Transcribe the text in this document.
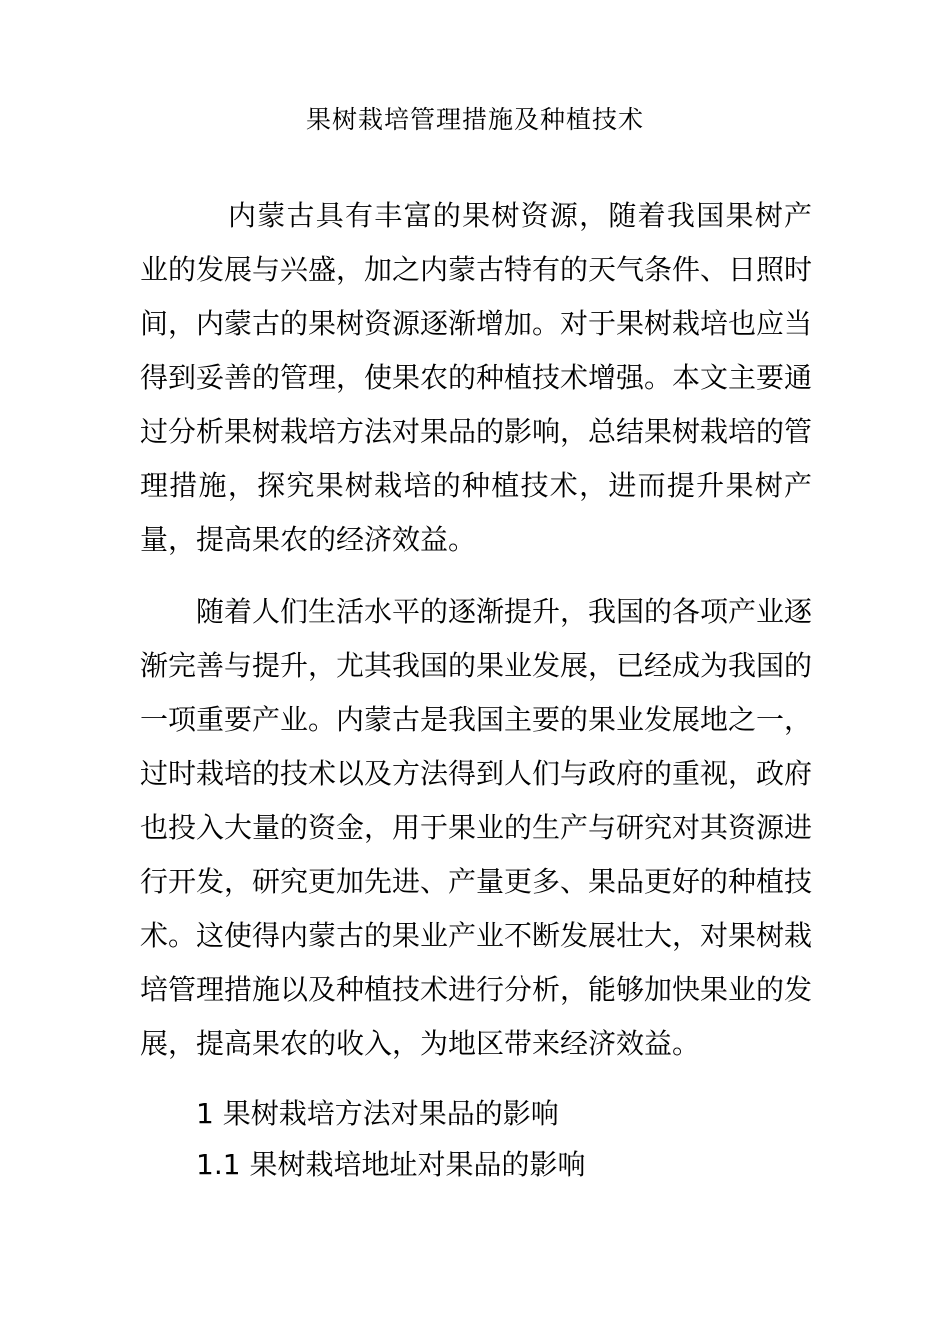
果树栽培管理措施及种植技术

内蒙古具有丰富的果树资源，随着我国果树产业的发展与兴盛，加之内蒙古特有的天气条件、日照时间，内蒙古的果树资源逐渐增加。对于果树栽培也应当得到妥善的管理，使果农的种植技术增强。本文主要通过分析果树栽培方法对果品的影响，总结果树栽培的管理措施，探究果树栽培的种植技术，进而提升果树产量，提高果农的经济效益。

随着人们生活水平的逐渐提升，我国的各项产业逐渐完善与提升，尤其我国的果业发展，已经成为我国的一项重要产业。内蒙古是我国主要的果业发展地之一，过时栽培的技术以及方法得到人们与政府的重视，政府也投入大量的资金，用于果业的生产与研究对其资源进行开发，研究更加先进、产量更多、果品更好的种植技术。这使得内蒙古的果业产业不断发展壮大，对果树栽培管理措施以及种植技术进行分析，能够加快果业的发展，提高果农的收入，为地区带来经济效益。

1 果树栽培方法对果品的影响

1.1 果树栽培地址对果品的影响
